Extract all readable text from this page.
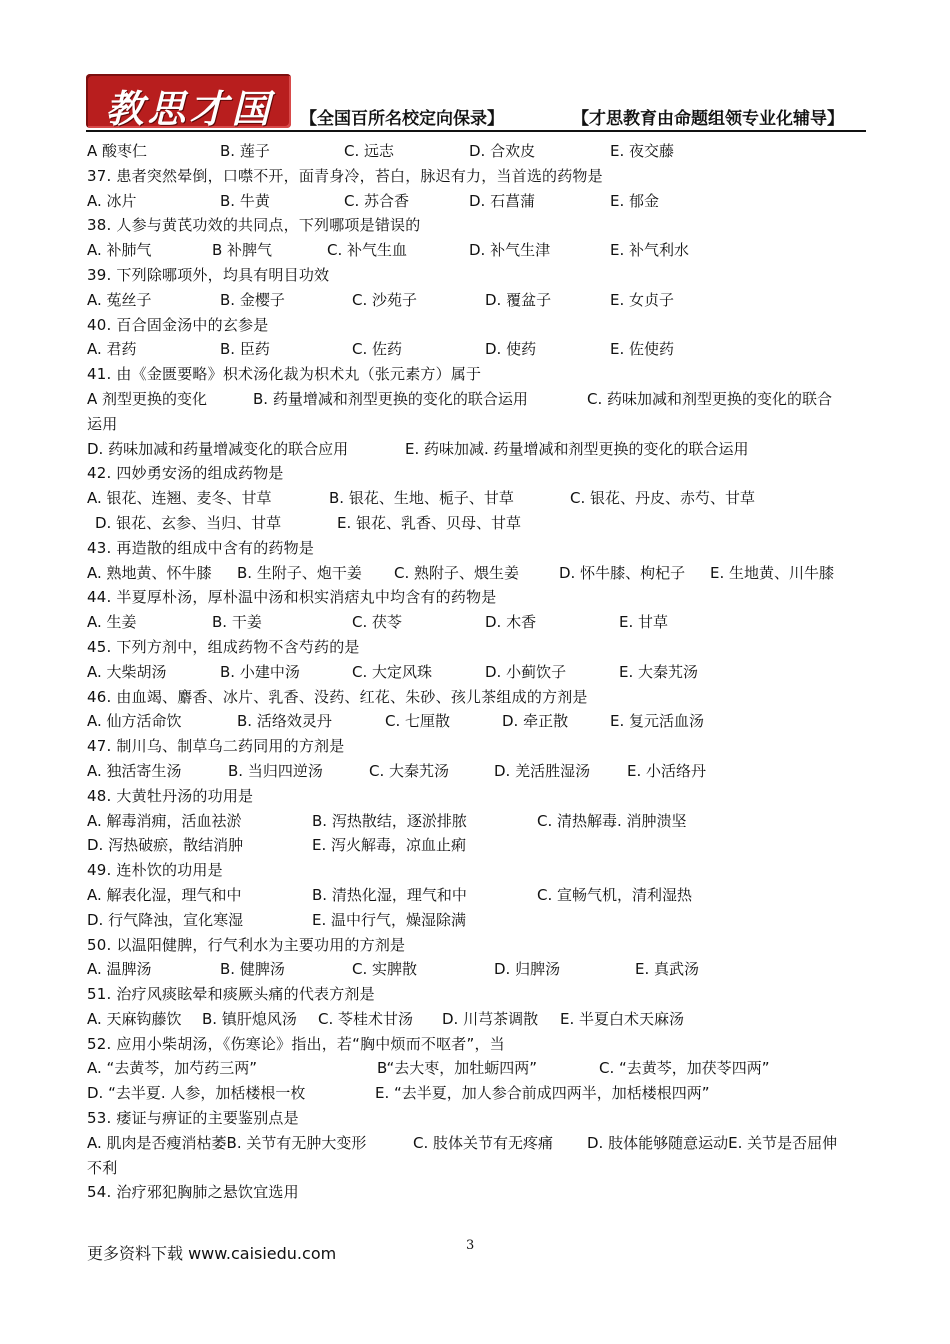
教思才国	【全国百所名校定向保录】	【才思教育由命题组领专业化辅导】
A 酸枣仁	B. 莲子	C. 远志	D. 合欢皮	E. 夜交藤
37. 患者突然晕倒，口噤不开，面青身冷，苔白，脉迟有力，当首选的药物是
A. 冰片	B. 牛黄	C. 苏合香	D. 石菖蒲	E. 郁金
38. 人参与黄芪功效的共同点，下列哪项是错误的
A. 补肺气	B 补脾气	C. 补气生血	D. 补气生津	E. 补气利水
39. 下列除哪项外，均具有明目功效
A. 菟丝子	B. 金樱子	C. 沙苑子	D. 覆盆子	E. 女贞子
40. 百合固金汤中的玄参是
A. 君药	B. 臣药	C. 佐药	D. 使药	E. 佐使药
41. 由《金匮要略》枳术汤化裁为枳术丸（张元素方）属于
A 剂型更换的变化	B. 药量增减和剂型更换的变化的联合运用	C. 药味加减和剂型更换的变化的联合
运用
D. 药味加减和药量增减变化的联合应用	E. 药味加减. 药量增减和剂型更换的变化的联合运用
42. 四妙勇安汤的组成药物是
A. 银花、连翘、麦冬、甘草	B. 银花、生地、栀子、甘草	C. 银花、丹皮、赤芍、甘草
D. 银花、玄参、当归、甘草	E. 银花、乳香、贝母、甘草
43. 再造散的组成中含有的药物是
A. 熟地黄、怀牛膝 B. 生附子、炮干姜 C. 熟附子、煨生姜	D. 怀牛膝、枸杞子 E. 生地黄、川牛膝
44. 半夏厚朴汤，厚朴温中汤和枳实消痞丸中均含有的药物是
A. 生姜	B. 干姜	C. 茯苓	D. 木香	E. 甘草
45. 下列方剂中，组成药物不含芍药的是
A. 大柴胡汤	B. 小建中汤	C. 大定风珠	D. 小蓟饮子	E. 大秦艽汤
46. 由血竭、麝香、冰片、乳香、没药、红花、朱砂、孩儿茶组成的方剂是
A. 仙方活命饮	B. 活络效灵丹	C. 七厘散	D. 牵正散	E. 复元活血汤
47. 制川乌、制草乌二药同用的方剂是
A. 独活寄生汤	B. 当归四逆汤	C. 大秦艽汤	D. 羌活胜湿汤 E. 小活络丹
48. 大黄牡丹汤的功用是
A. 解毒消痈，活血祛淤	B. 泻热散结，逐淤排脓	C. 清热解毒. 消肿溃坚
D. 泻热破瘀，散结消肿	E. 泻火解毒，凉血止痢
49. 连朴饮的功用是
A. 解表化湿，理气和中	B. 清热化湿，理气和中	C. 宣畅气机，清利湿热
D. 行气降浊，宣化寒湿	E. 温中行气，燥湿除满
50. 以温阳健脾，行气利水为主要功用的方剂是
A. 温脾汤	B. 健脾汤	C. 实脾散	D. 归脾汤	E. 真武汤
51. 治疗风痰眩晕和痰厥头痛的代表方剂是
A. 天麻钩藤饮 B. 镇肝熄风汤 C. 苓桂术甘汤 D. 川芎茶调散 E. 半夏白术天麻汤
52. 应用小柴胡汤，《伤寒论》指出，若“胸中烦而不呕者”，当
A. “去黄芩，加芍药三两”	B“去大枣，加牡蛎四两”	C. “去黄芩，加茯苓四两”
D. “去半夏. 人参，加栝楼根一枚	E. “去半夏，加人参合前成四两半，加栝楼根四两”
53. 痿证与痹证的主要鉴别点是
A. 肌肉是否瘦消枯萎B. 关节有无肿大变形	C. 肢体关节有无疼痛 D. 肢体能够随意运动E. 关节是否屈伸
不利
54. 治疗邪犯胸肺之悬饮宜选用
更多资料下载 www.caisiedu.com	3
